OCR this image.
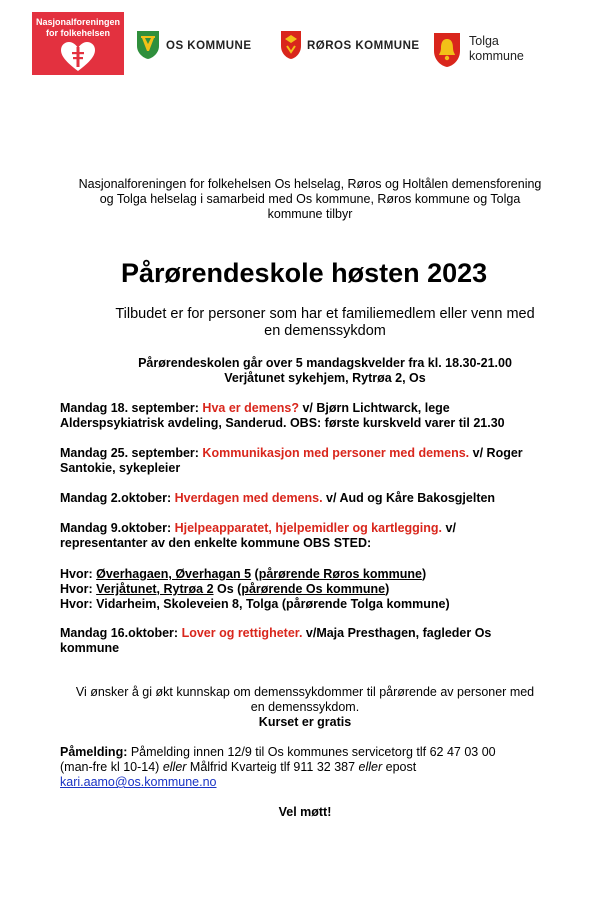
Nasjonalforeningen
for folkehelsen
OS KOMMUNE	RØROS KOMMUNE	Tolga
kommune
Nasjonalforeningen for folkehelsen Os helselag, Røros og Holtålen demensforening
og Tolga helselag i samarbeid med Os kommune, Røros kommune og Tolga
kommune tilbyr
Pårørendeskole høsten 2023
Tilbudet er for personer som har et familiemedlem eller venn med
en demenssykdom
Pårørendeskolen går over 5 mandagskvelder fra kl. 18.30-21.00
Verjåtunet sykehjem, Rytrøa 2, Os
Mandag 18. september: Hva er demens? v/ Bjørn Lichtwarck, lege
Alderspsykiatrisk avdeling, Sanderud. OBS: første kurskveld varer til 21.30
Mandag 25. september: Kommunikasjon med personer med demens. v/ Roger
Santokie, sykepleier
Mandag 2.oktober: Hverdagen med demens. v/ Aud og Kåre Bakosgjelten
Mandag 9.oktober: Hjelpeapparatet, hjelpemidler og kartlegging. v/
representanter av den enkelte kommune OBS STED:
Hvor: Øverhagaen, Øverhagan 5 (pårørende Røros kommune)
Hvor: Verjåtunet, Rytrøa 2 Os (pårørende Os kommune)
Hvor: Vidarheim, Skoleveien 8, Tolga (pårørende Tolga kommune)
Mandag 16.oktober: Lover og rettigheter. v/Maja Presthagen, fagleder Os
kommune
Vi ønsker å gi økt kunnskap om demenssykdommer til pårørende av personer med
en demenssykdom.
Kurset er gratis
Påmelding: Påmelding innen 12/9 til Os kommunes servicetorg tlf 62 47 03 00
(man-fre kl 10-14) eller Målfrid Kvarteig tlf 911 32 387 eller epost
kari.aamo@os.kommune.no
Vel møtt!
